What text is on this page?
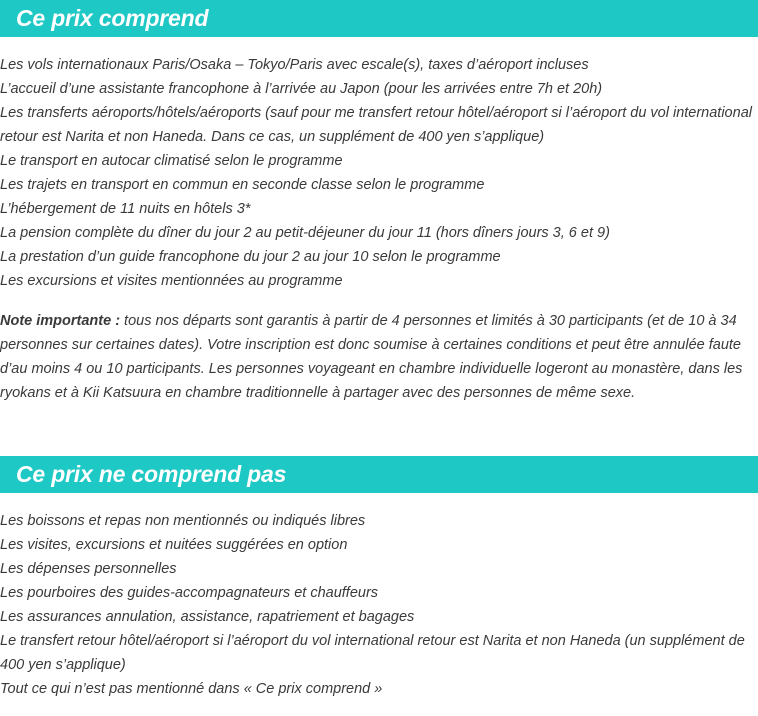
Ce prix comprend
Les vols internationaux Paris/Osaka – Tokyo/Paris avec escale(s), taxes d’aéroport incluses
L’accueil d’une assistante francophone à l’arrivée au Japon (pour les arrivées entre 7h et 20h)
Les transferts aéroports/hôtels/aéroports (sauf pour me transfert retour hôtel/aéroport si l’aéroport du vol international retour est Narita et non Haneda. Dans ce cas, un supplément de 400 yen s’applique)
Le transport en autocar climatisé selon le programme
Les trajets en transport en commun en seconde classe selon le programme
L’hébergement de 11 nuits en hôtels 3*
La pension complète du dîner du jour 2 au petit-déjeuner du jour 11 (hors dîners jours 3, 6 et 9)
La prestation d’un guide francophone du jour 2 au jour 10 selon le programme
Les excursions et visites mentionnées au programme

Note importante : tous nos départs sont garantis à partir de 4 personnes et limités à 30 participants (et de 10 à 34 personnes sur certaines dates). Votre inscription est donc soumise à certaines conditions et peut être annulée faute d’au moins 4 ou 10 participants. Les personnes voyageant en chambre individuelle logeront au monastère, dans les ryokans et à Kii Katsuura en chambre traditionnelle à partager avec des personnes de même sexe.

Ce prix ne comprend pas
Les boissons et repas non mentionnés ou indiqués libres
Les visites, excursions et nuitées suggérées en option
Les dépenses personnelles
Les pourboires des guides-accompagnateurs et chauffeurs
Les assurances annulation, assistance, rapatriement et bagages
Le transfert retour hôtel/aéroport si l’aéroport du vol international retour est Narita et non Haneda (un supplément de 400 yen s’applique)
Tout ce qui n’est pas mentionné dans « Ce prix comprend »
